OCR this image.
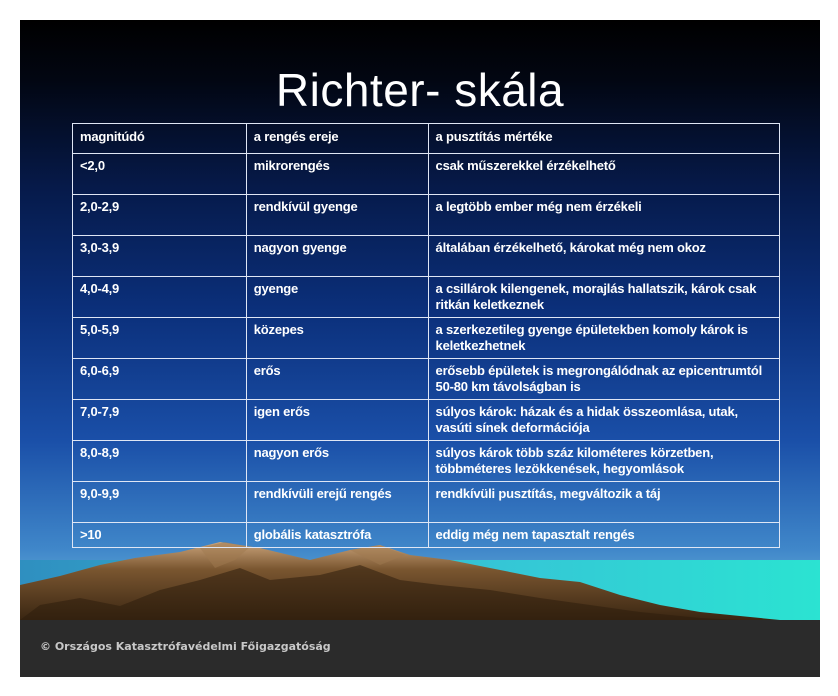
Richter- skála
magnitúdó	a rengés ereje	a pusztítás mértéke
<2,0	mikrorengés	csak műszerekkel érzékelhető
2,0-2,9	rendkívül gyenge	a legtöbb ember még nem érzékeli
3,0-3,9	nagyon gyenge	általában érzékelhető, károkat még nem okoz
4,0-4,9	gyenge	a csillárok kilengenek, morajlás hallatszik, károk csak ritkán keletkeznek
5,0-5,9	közepes	a szerkezetileg gyenge épületekben komoly károk is keletkezhetnek
6,0-6,9	erős	erősebb épületek is megrongálódnak az epicentrumtól 50-80 km távolságban is
7,0-7,9	igen erős	súlyos károk: házak és a hidak összeomlása, utak, vasúti sínek deformációja
8,0-8,9	nagyon erős	súlyos károk több száz kilométeres körzetben, többméteres lezökkenések, hegyomlások
9,0-9,9	rendkívüli erejű rengés	rendkívüli pusztítás, megváltozik a táj
>10	globális katasztrófa	eddig még nem tapasztalt rengés
© Országos Katasztrófavédelmi Főigazgatóság
